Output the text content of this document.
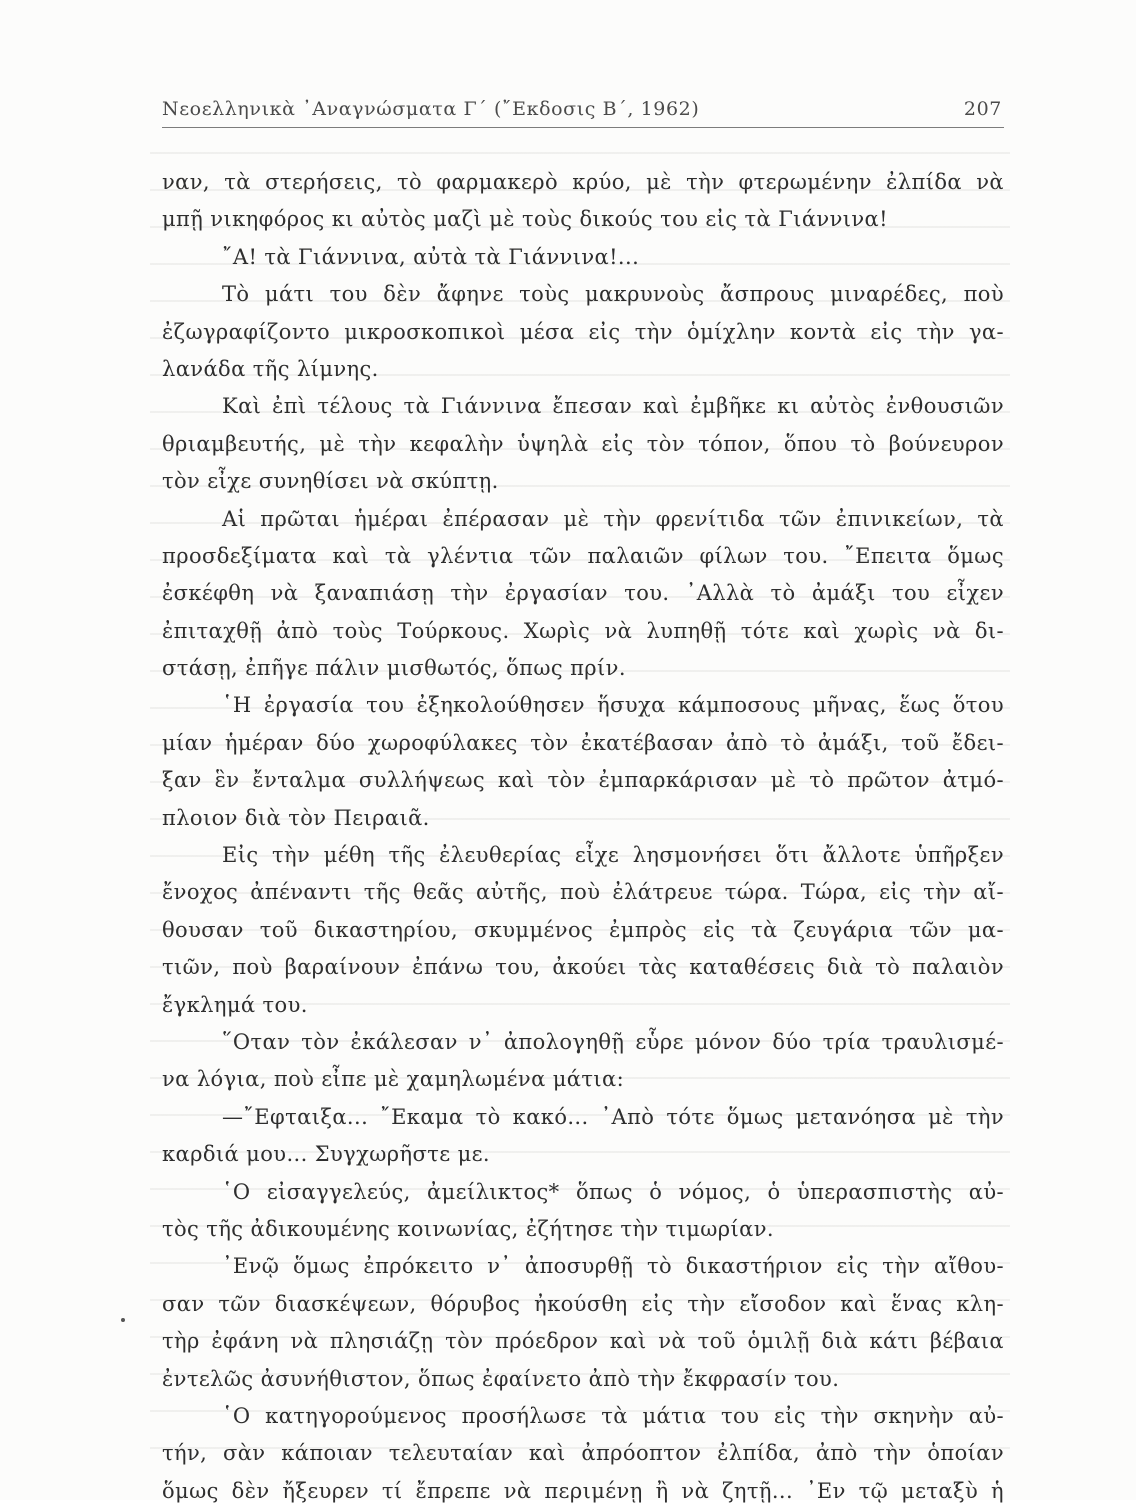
Νεοελληνικὰ ᾿Αναγνώσματα Γ΄ (῎Εκδοσις Β΄, 1962)	207
ναν, τὰ στερήσεις, τὸ φαρμακερὸ κρύο, μὲ τὴν φτερωμένην ἐλπίδα νὰ
μπῇ νικηφόρος κι αὐτὸς μαζὶ μὲ τοὺς δικούς του εἰς τὰ Γιάννινα!
῎Α! τὰ Γιάννινα, αὐτὰ τὰ Γιάννινα!...
Τὸ μάτι του δὲν ἄφηνε τοὺς μακρυνοὺς ἄσπρους μιναρέδες, ποὺ
ἐζωγραφίζοντο μικροσκοπικοὶ μέσα εἰς τὴν ὁμίχλην κοντὰ εἰς τὴν γα-
λανάδα τῆς λίμνης.
Καὶ ἐπὶ τέλους τὰ Γιάννινα ἔπεσαν καὶ ἐμβῆκε κι αὐτὸς ἐνθουσιῶν
θριαμβευτής, μὲ τὴν κεφαλὴν ὑψηλὰ εἰς τὸν τόπον, ὅπου τὸ βούνευρον
τὸν εἶχε συνηθίσει νὰ σκύπτῃ.
Αἱ πρῶται ἡμέραι ἐπέρασαν μὲ τὴν φρενίτιδα τῶν ἐπινικείων, τὰ
προσδεξίματα καὶ τὰ γλέντια τῶν παλαιῶν φίλων του. ῎Επειτα ὅμως
ἐσκέφθη νὰ ξαναπιάσῃ τὴν ἐργασίαν του. ᾿Αλλὰ τὸ ἀμάξι του εἶχεν
ἐπιταχθῇ ἀπὸ τοὺς Τούρκους. Χωρὶς νὰ λυπηθῇ τότε καὶ χωρὶς νὰ δι-
στάσῃ, ἐπῆγε πάλιν μισθωτός, ὅπως πρίν.
῾Η ἐργασία του ἐξηκολούθησεν ἥσυχα κάμποσους μῆνας, ἕως ὅτου
μίαν ἡμέραν δύο χωροφύλακες τὸν ἐκατέβασαν ἀπὸ τὸ ἀμάξι, τοῦ ἔδει-
ξαν ἓν ἔνταλμα συλλήψεως καὶ τὸν ἐμπαρκάρισαν μὲ τὸ πρῶτον ἀτμό-
πλοιον διὰ τὸν Πειραιᾶ.
Εἰς τὴν μέθη τῆς ἐλευθερίας εἶχε λησμονήσει ὅτι ἄλλοτε ὑπῆρξεν
ἔνοχος ἀπέναντι τῆς θεᾶς αὐτῆς, ποὺ ἐλάτρευε τώρα. Τώρα, εἰς τὴν αἴ-
θουσαν τοῦ δικαστηρίου, σκυμμένος ἐμπρὸς εἰς τὰ ζευγάρια τῶν μα-
τιῶν, ποὺ βαραίνουν ἐπάνω του, ἀκούει τὰς καταθέσεις διὰ τὸ παλαιὸν
ἔγκλημά του.
῞Οταν τὸν ἐκάλεσαν ν᾿ ἀπολογηθῇ εὗρε μόνον δύο τρία τραυλισμέ-
να λόγια, ποὺ εἶπε μὲ χαμηλωμένα μάτια:
—῎Εφταιξα... ῎Εκαμα τὸ κακό... ᾿Απὸ τότε ὅμως μετανόησα μὲ τὴν
καρδιά μου... Συγχωρῆστε με.
῾Ο εἰσαγγελεύς, ἀμείλικτος* ὅπως ὁ νόμος, ὁ ὑπερασπιστὴς αὐ-
τὸς τῆς ἀδικουμένης κοινωνίας, ἐζήτησε τὴν τιμωρίαν.
᾿Ενῷ ὅμως ἐπρόκειτο ν᾿ ἀποσυρθῇ τὸ δικαστήριον εἰς τὴν αἴθου-
σαν τῶν διασκέψεων, θόρυβος ἠκούσθη εἰς τὴν εἴσοδον καὶ ἕνας κλη-
τὴρ ἐφάνη νὰ πλησιάζῃ τὸν πρόεδρον καὶ νὰ τοῦ ὁμιλῇ διὰ κάτι βέβαια
ἐντελῶς ἀσυνήθιστον, ὅπως ἐφαίνετο ἀπὸ τὴν ἔκφρασίν του.
῾Ο κατηγορούμενος προσήλωσε τὰ μάτια του εἰς τὴν σκηνὴν αὐ-
τήν, σὰν κάποιαν τελευταίαν καὶ ἀπρόοπτον ἐλπίδα, ἀπὸ τὴν ὁποίαν
ὅμως δὲν ἤξευρεν τί ἔπρεπε νὰ περιμένῃ ἢ νὰ ζητῇ... ᾿Εν τῷ μεταξὺ ἡ
